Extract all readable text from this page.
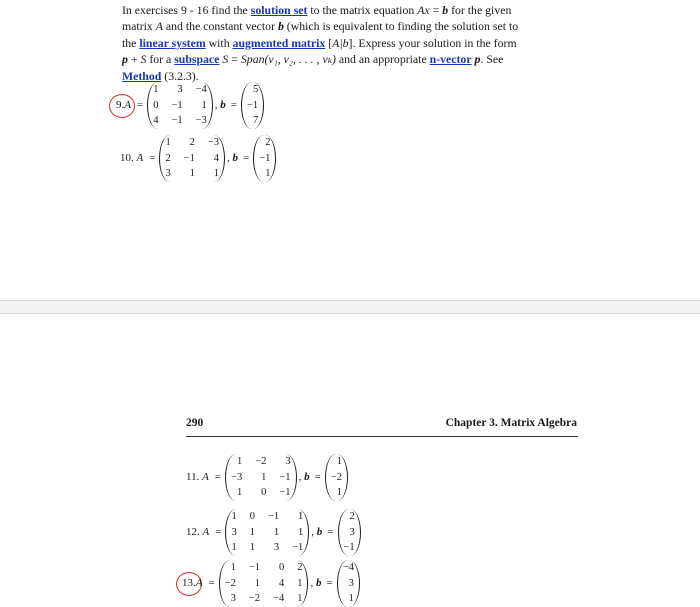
In exercises 9 - 16 find the solution set to the matrix equation Ax = b for the given matrix A and the constant vector b (which is equivalent to finding the solution set to the linear system with augmented matrix [A|b]. Express your solution in the form p + S for a subspace S = Span(v₁, v₂, . . . , vₖ) and an appropriate n-vector p. See Method (3.2.3).
9.A =
1 3 −4
0 −1 1
4 −1 −3
, b =
5
−1
7
10. A =
1 2 −3
2 −1 4
3 1 1
, b =
2
−1
1
290	Chapter 3. Matrix Algebra
11. A =
1 −2 3
−3 1 −1
1 0 −1
, b =
1
−2
1
12. A =
1 0 −1 1
3 1 1 1
1 1 3 −1
, b =
2
3
−1
13.A =
1 −1 0 2
−2 1 4 1
3 −2 −4 1
, b =
−4
3
1
